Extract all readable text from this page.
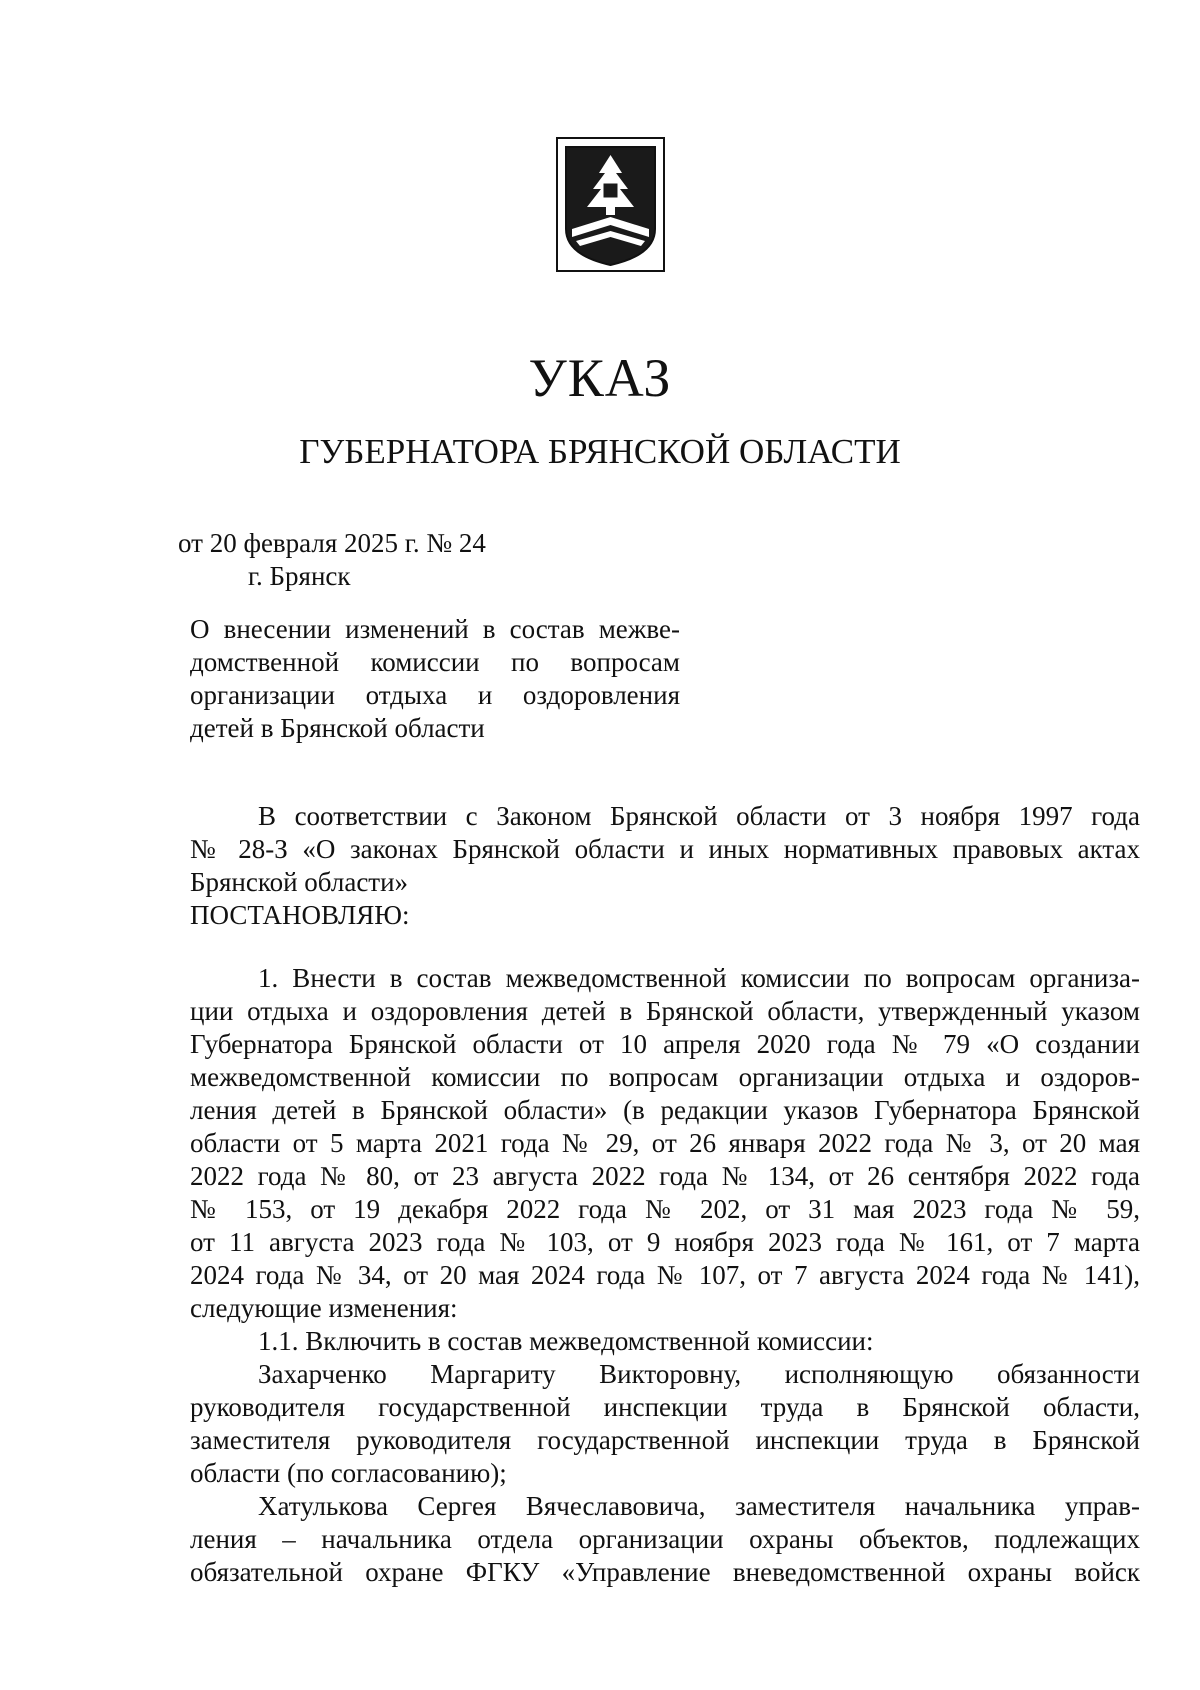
УКАЗ
ГУБЕРНАТОРА БРЯНСКОЙ ОБЛАСТИ
от 20 февраля 2025 г. № 24
г. Брянск
О внесении изменений в состав межве-
домственной комиссии по вопросам
организации отдыха и оздоровления
детей в Брянской области
В соответствии с Законом Брянской области от 3 ноября 1997 года
№ 28-З «О законах Брянской области и иных нормативных правовых актах
Брянской области»
ПОСТАНОВЛЯЮ:
1. Внести в состав межведомственной комиссии по вопросам организа-
ции отдыха и оздоровления детей в Брянской области, утвержденный указом
Губернатора Брянской области от 10 апреля 2020 года № 79 «О создании
межведомственной комиссии по вопросам организации отдыха и оздоров-
ления детей в Брянской области» (в редакции указов Губернатора Брянской
области от 5 марта 2021 года № 29, от 26 января 2022 года № 3, от 20 мая
2022 года № 80, от 23 августа 2022 года № 134, от 26 сентября 2022 года
№ 153, от 19 декабря 2022 года № 202, от 31 мая 2023 года № 59,
от 11 августа 2023 года № 103, от 9 ноября 2023 года № 161, от 7 марта
2024 года № 34, от 20 мая 2024 года № 107, от 7 августа 2024 года № 141),
следующие изменения:
1.1. Включить в состав межведомственной комиссии:
Захарченко Маргариту Викторовну, исполняющую обязанности
руководителя государственной инспекции труда в Брянской области,
заместителя руководителя государственной инспекции труда в Брянской
области (по согласованию);
Хатулькова Сергея Вячеславовича, заместителя начальника управ-
ления – начальника отдела организации охраны объектов, подлежащих
обязательной охране ФГКУ «Управление вневедомственной охраны войск
